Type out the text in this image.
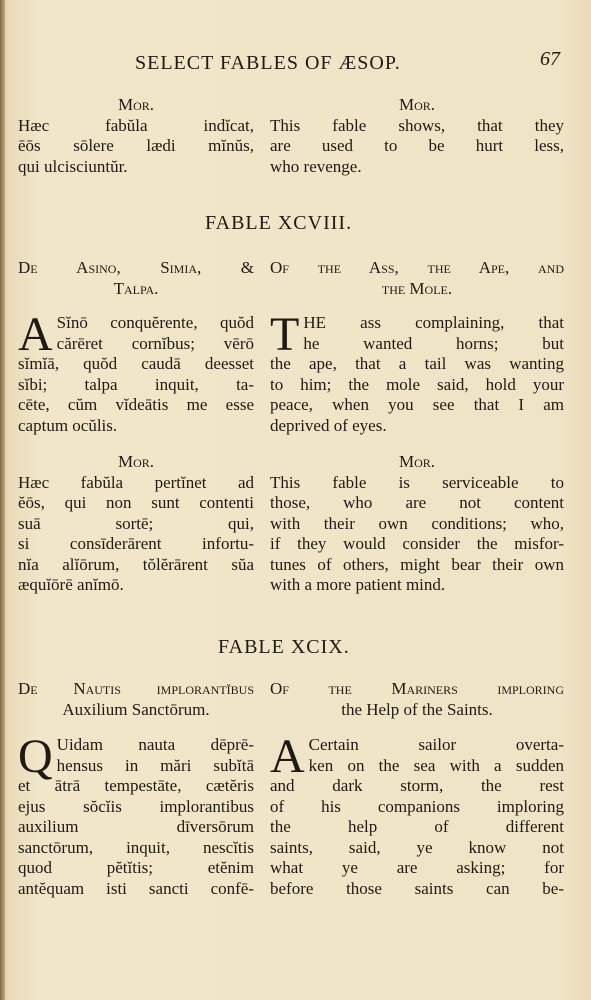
SELECT FABLES OF ÆSOP.	67

Mor.

Hæc fabŭla indĭcat,

ēōs sōlere lædi mĭnŭs,

qui ulcisciuntŭr.

Mor.

This fable shows, that they

are used to be hurt less,

who revenge.

FABLE XCVIII.

De Asino, Simia, &

Talpa.

Of the Ass, the Ape, and

the Mole.

A Sĭnō conquĕrente, quŏd

cărēret cornĭbus; vērō

sĭmĭā, quŏd caudā deesset

sĭbi; talpa inquit, ta-

cēte, cŭm vĭdeātis me esse

captum ocŭlis.

T HE ass complaining, that

he wanted horns; but

the ape, that a tail was wanting

to him; the mole said, hold your

peace, when you see that I am

deprived of eyes.

Mor.

Hæc fabŭla pertĭnet ad

ĕōs, qui non sunt contenti

suā sortē; qui,

si consīderārent infortu-

nĭa alĭōrum, tŏlĕrārent sŭa

æquĭōrē anĭmō.

Mor.

This fable is serviceable to

those, who are not content

with their own conditions; who,

if they would consider the misfor-

tunes of others, might bear their own

with a more patient mind.

FABLE XCIX.

De Nautis implorantĭbus

Auxilium Sanctōrum.

Of the Mariners imploring

the Help of the Saints.

Q Uidam nauta dēprē-

hensus in mări subĭtā

et ātrā tempestāte, cætĕris

ejus sŏcĭis implorantibus

auxilium dīversōrum

sanctōrum, inquit, nescĭtis

quod pĕtĭtis; etĕnim

antĕquam isti sancti confē-

A Certain sailor overta-

ken on the sea with a sudden

and dark storm, the rest

of his companions imploring

the help of different

saints, said, ye know not

what ye are asking; for

before those saints can be-
